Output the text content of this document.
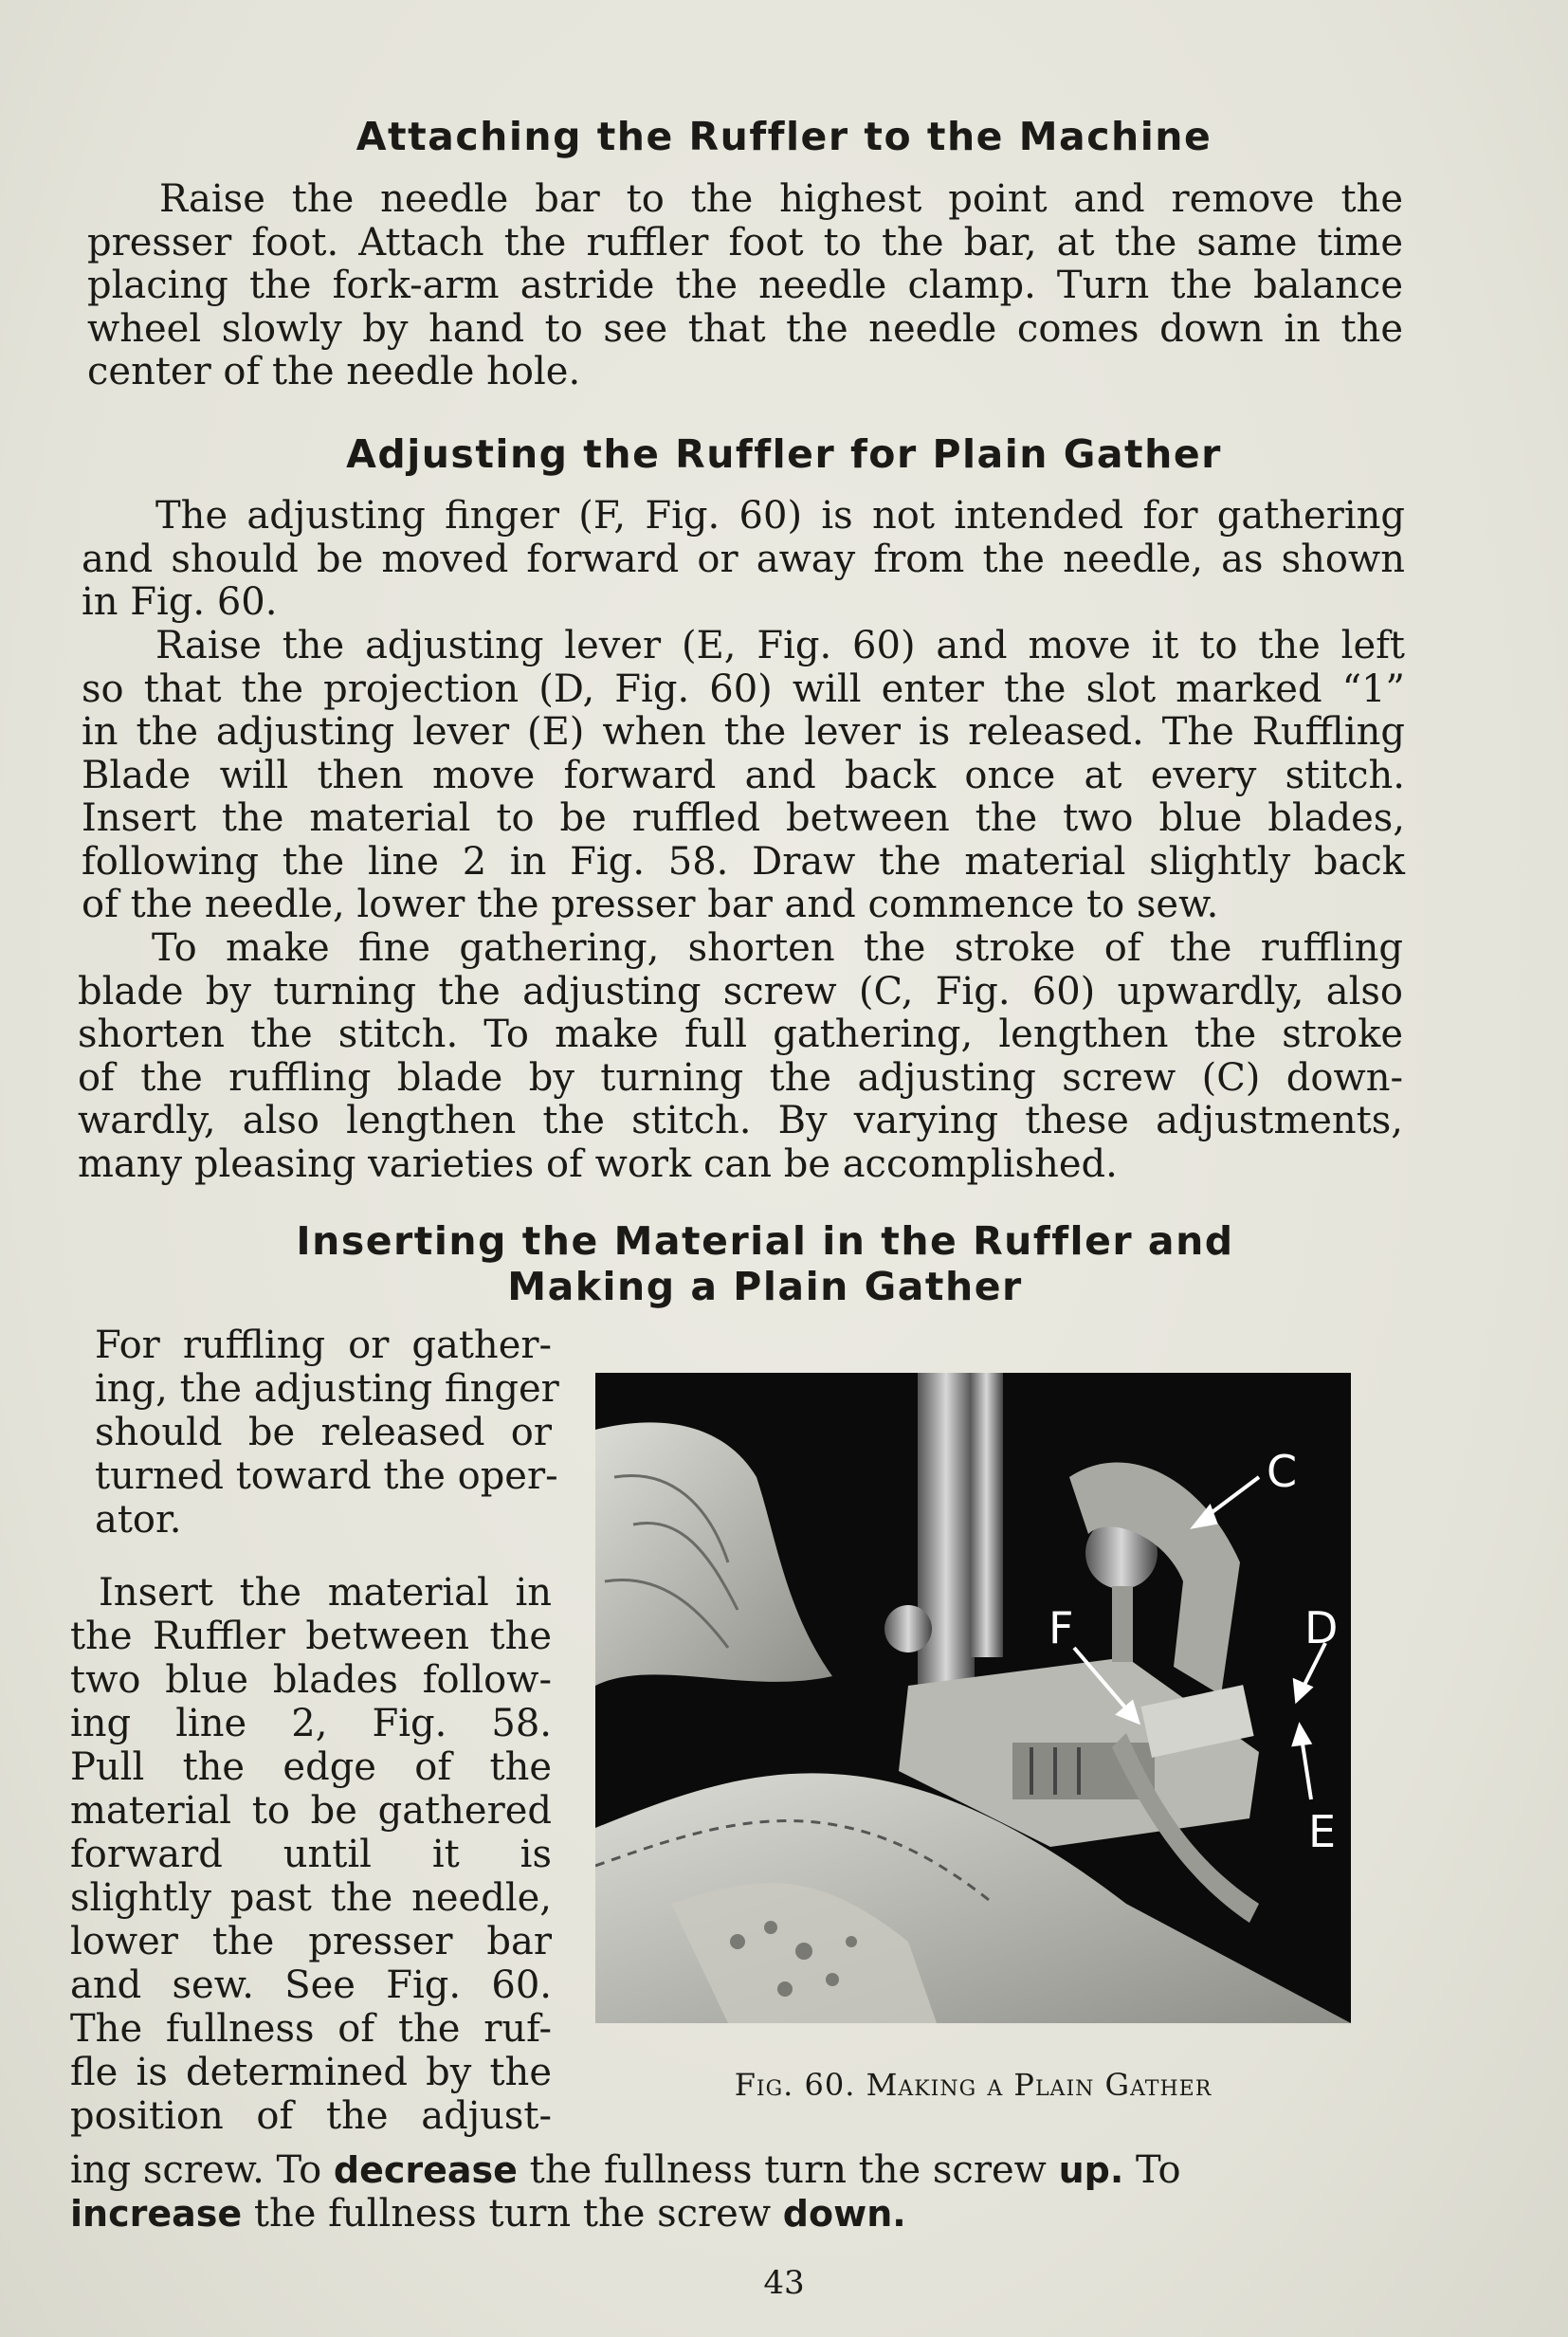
Attaching the Ruffler to the Machine
Raise the needle bar to the highest point and remove the
presser foot. Attach the ruffler foot to the bar, at the same time
placing the fork-arm astride the needle clamp. Turn the balance
wheel slowly by hand to see that the needle comes down in the
center of the needle hole.
Adjusting the Ruffler for Plain Gather
The adjusting finger (F, Fig. 60) is not intended for gathering
and should be moved forward or away from the needle, as shown
in Fig. 60.
Raise the adjusting lever (E, Fig. 60) and move it to the left
so that the projection (D, Fig. 60) will enter the slot marked “1”
in the adjusting lever (E) when the lever is released. The Ruffling
Blade will then move forward and back once at every stitch.
Insert the material to be ruffled between the two blue blades,
following the line 2 in Fig. 58. Draw the material slightly back
of the needle, lower the presser bar and commence to sew.
To make fine gathering, shorten the stroke of the ruffling
blade by turning the adjusting screw (C, Fig. 60) upwardly, also
shorten the stitch. To make full gathering, lengthen the stroke
of the ruffling blade by turning the adjusting screw (C) down-
wardly, also lengthen the stitch. By varying these adjustments,
many pleasing varieties of work can be accomplished.
Inserting the Material in the Ruffler and
Making a Plain Gather
For ruffling or gather-
ing, the adjusting finger
should be released or
turned toward the oper-
ator.
Insert the material in
the Ruffler between the
two blue blades follow-
ing line 2, Fig. 58.
Pull the edge of the
material to be gathered
forward until it is
slightly past the needle,
lower the presser bar
and sew. See Fig. 60.
The fullness of the ruf-
fle is determined by the
position of the adjust-
ing screw. To decrease the fullness turn the screw up. To
increase the fullness turn the screw down.
C
D
E
F
Fig. 60. Making a Plain Gather
43
